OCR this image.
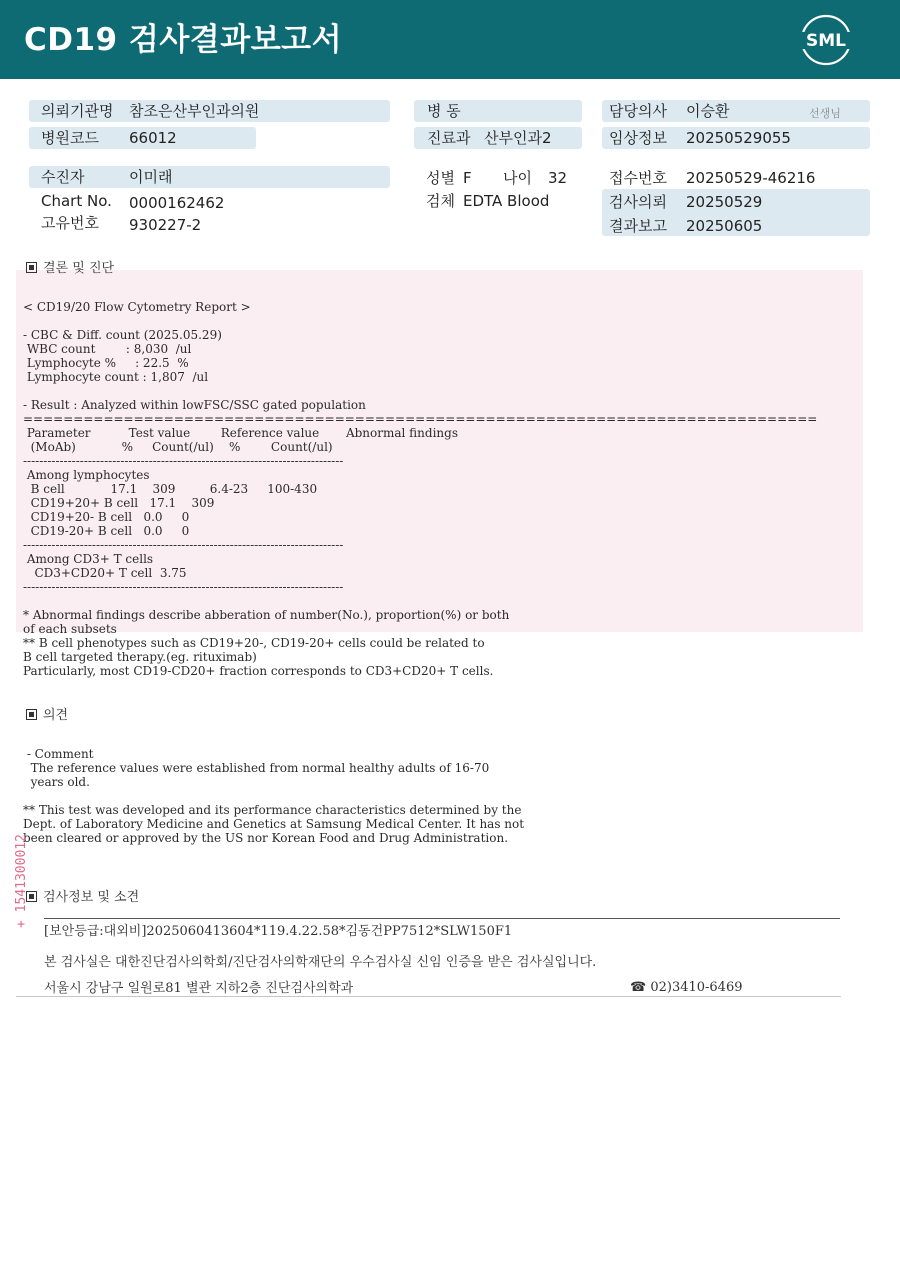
CD19 검사결과보고서	SML
의뢰기관명 참조은산부인과의원	병 동	담당의사 이승환	선생님
병원코드 66012	진료과 산부인과2	임상정보 20250529055
수진자	이미래	성별 F 나이 32	접수번호 20250529-46216
Chart No. 0000162462	검체 EDTA Blood	검사의뢰 20250529
고유번호 930227-2	결과보고 20250605
결론 및 진단
< CD19/20 Flow Cytometry Report >

- CBC & Diff. count (2025.05.29)
WBC count        : 8,030  /ul
Lymphocyte %     : 22.5  %
Lymphocyte count : 1,807  /ul

- Result : Analyzed within lowFSC/SSC gated population
===============================================================================
Parameter          Test value        Reference value       Abnormal findings
(MoAb)            %     Count(/ul)    %        Count(/ul)
-------------------------------------------------------------------------------
Among lymphocytes
B cell            17.1    309         6.4-23     100-430
CD19+20+ B cell   17.1    309
CD19+20- B cell   0.0     0
CD19-20+ B cell   0.0     0
-------------------------------------------------------------------------------
Among CD3+ T cells
CD3+CD20+ T cell  3.75
-------------------------------------------------------------------------------

* Abnormal findings describe abberation of number(No.), proportion(%) or both
of each subsets
** B cell phenotypes such as CD19+20-, CD19-20+ cells could be related to
B cell targeted therapy.(eg. rituximab)
Particularly, most CD19-CD20+ fraction corresponds to CD3+CD20+ T cells.
의견
- Comment
The reference values were established from normal healthy adults of 16-70
years old.

** This test was developed and its performance characteristics determined by the
Dept. of Laboratory Medicine and Genetics at Samsung Medical Center. It has not
been cleared or approved by the US nor Korean Food and Drug Administration.
+ 1541300012	검사정보 및 소견
[보안등급:대외비]2025060413604*119.4.22.58*김동건PP7512*SLW150F1
본 검사실은 대한진단검사의학회/진단검사의학재단의 우수검사실 신임 인증을 받은 검사실입니다.
서울시 강남구 일원로81 별관 지하2층 진단검사의학과	☎ 02)3410-6469
